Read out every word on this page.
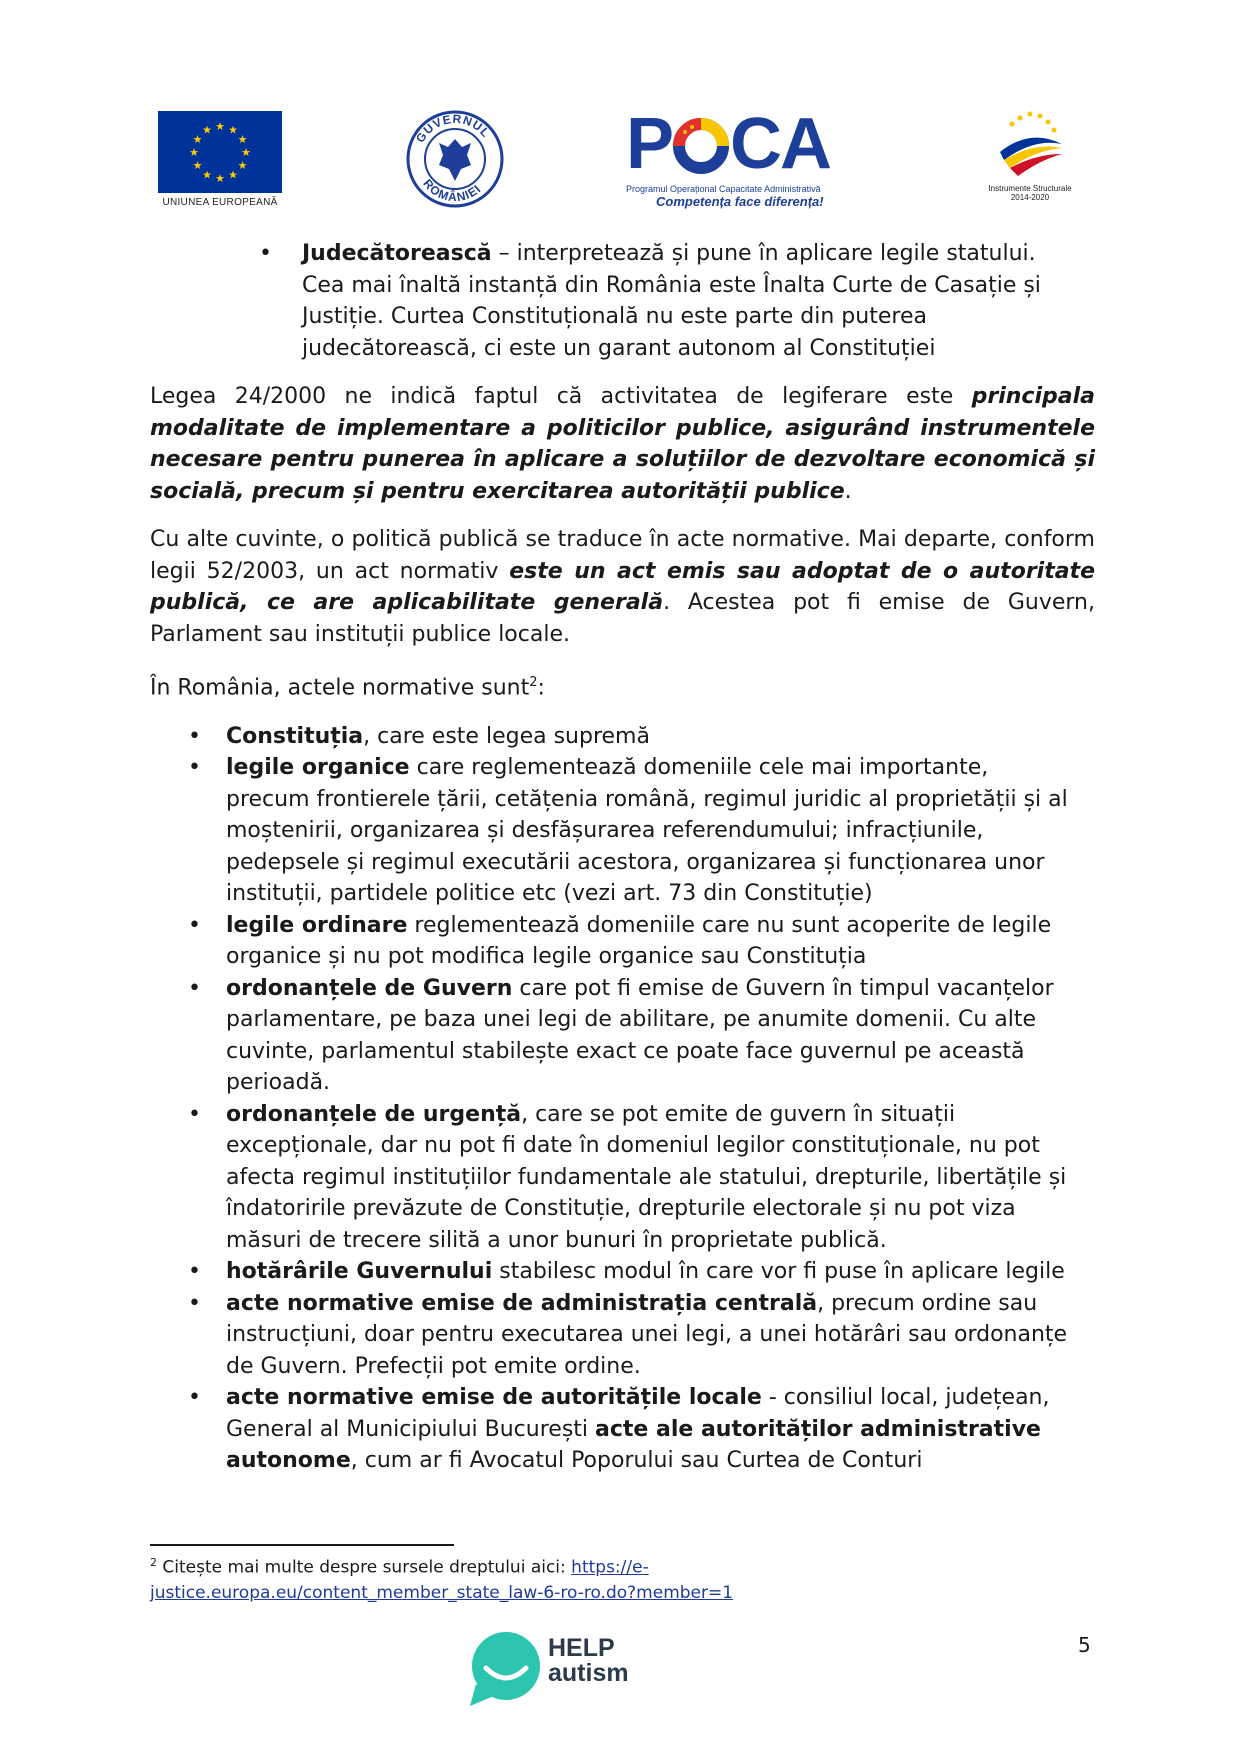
★ ★
★
★
★
★
★
★
★
★
★
★
UNIUNEA EUROPEANĂ
GUVERNUL
ROMÂNIEI
P CA
Programul Operațional Capacitate Administrativă
Competența face diferența!
Instrumente Structurale
2014-2020
• Judecătorească – interpretează și pune în aplicare legile statului. Cea mai înaltă instanță din România este Înalta Curte de Casație și Justiție. Curtea Constituțională nu este parte din puterea judecătorească, ci este un garant autonom al Constituției

Legea 24/2000 ne indică faptul că activitatea de legiferare este principala modalitate de implementare a politicilor publice, asigurând instrumentele necesare pentru punerea în aplicare a soluțiilor de dezvoltare economică și socială, precum și pentru exercitarea autorității publice.

Cu alte cuvinte, o politică publică se traduce în acte normative. Mai departe, conform legii 52/2003, un act normativ este un act emis sau adoptat de o autoritate publică, ce are aplicabilitate generală. Acestea pot fi emise de Guvern, Parlament sau instituții publice locale.

În România, actele normative sunt$^2$:

• Constituția, care este legea supremă
• legile organice care reglementează domeniile cele mai importante, precum frontierele țării, cetățenia română, regimul juridic al proprietății și al moștenirii, organizarea și desfășurarea referendumului; infracțiunile, pedepsele și regimul executării acestora, organizarea și funcționarea unor instituții, partidele politice etc (vezi art. 73 din Constituție)
• legile ordinare reglementează domeniile care nu sunt acoperite de legile organice și nu pot modifica legile organice sau Constituția
• ordonanțele de Guvern care pot fi emise de Guvern în timpul vacanțelor parlamentare, pe baza unei legi de abilitare, pe anumite domenii. Cu alte cuvinte, parlamentul stabilește exact ce poate face guvernul pe această perioadă.
• ordonanțele de urgență, care se pot emite de guvern în situații excepționale, dar nu pot fi date în domeniul legilor constituționale, nu pot afecta regimul instituțiilor fundamentale ale statului, drepturile, libertățile și îndatoririle prevăzute de Constituție, drepturile electorale și nu pot viza măsuri de trecere silită a unor bunuri în proprietate publică.
• hotărârile Guvernului stabilesc modul în care vor fi puse în aplicare legile
• acte normative emise de administrația centrală, precum ordine sau instrucțiuni, doar pentru executarea unei legi, a unei hotărâri sau ordonanțe de Guvern. Prefecții pot emite ordine.
• acte normative emise de autoritățile locale - consiliul local, județean, General al Municipiului București acte ale autorităților administrative autonome, cum ar fi Avocatul Poporului sau Curtea de Conturi
$^2$ Citește mai multe despre sursele dreptului aici: https://e-justice.europa.eu/content_member_state_law-6-ro-ro.do?member=1
5
HELP
autism
